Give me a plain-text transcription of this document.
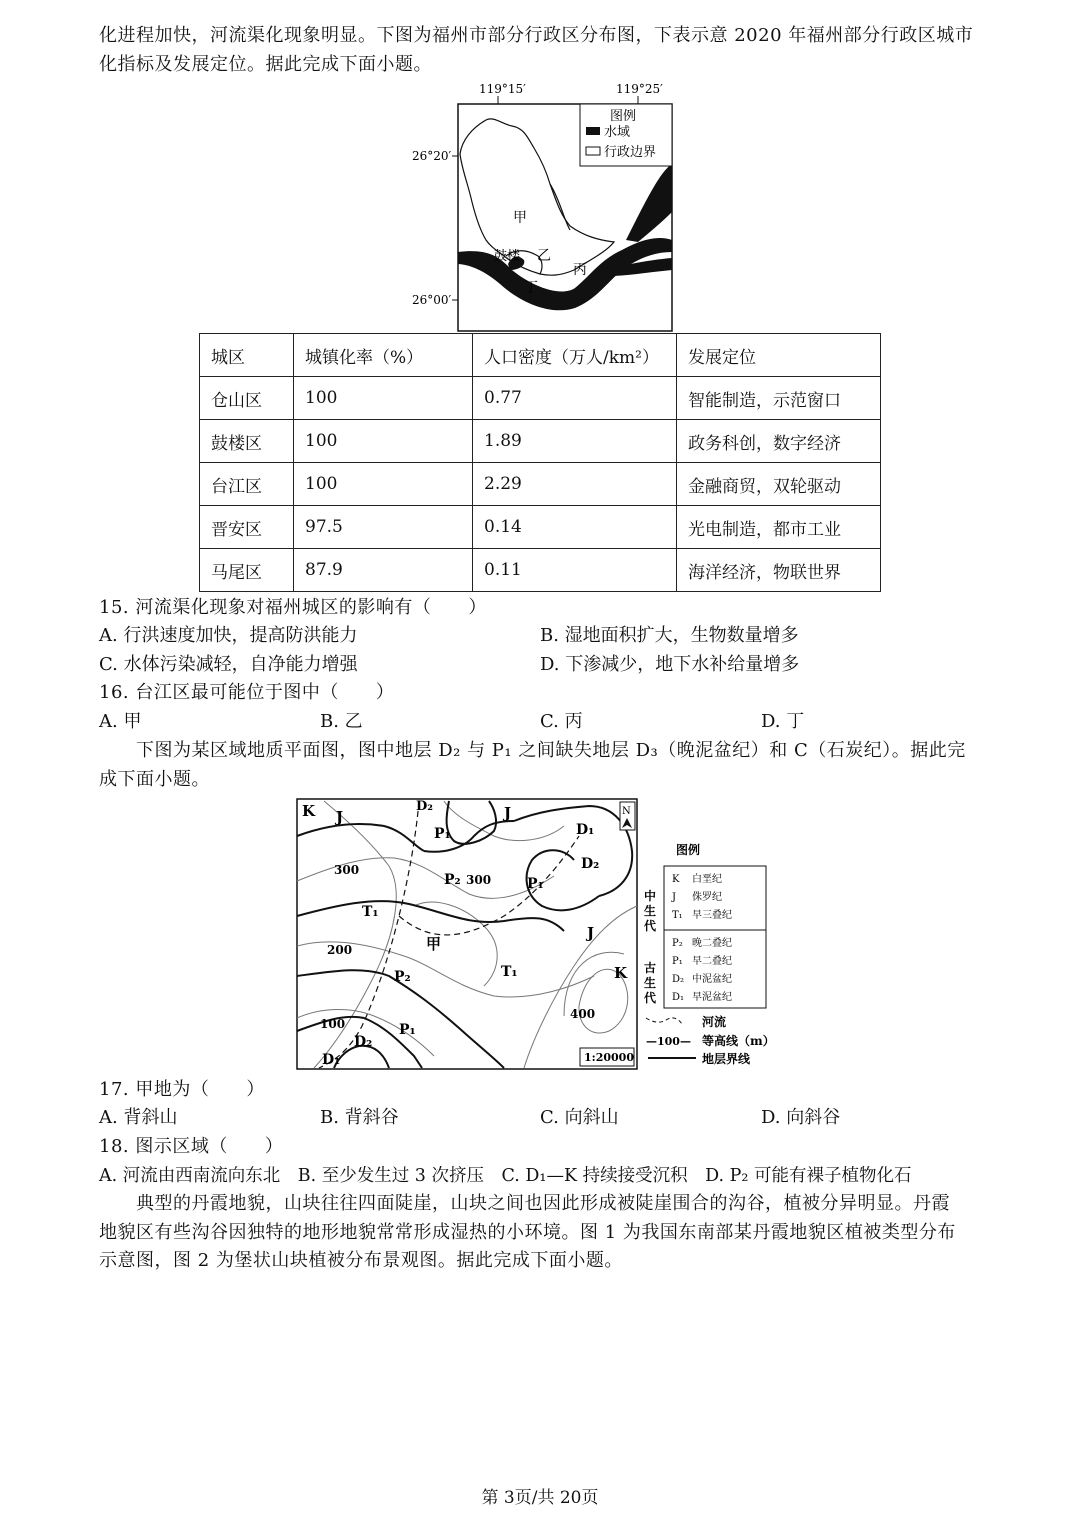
化进程加快，河流渠化现象明显。下图为福州市部分行政区分布图，下表示意 2020 年福州部分行政区城市
化指标及发展定位。据此完成下面小题。
119°15′	119°25′
26°20′
26°00′
甲
乙
丙
丁
鼓楼
图例
水域
行政边界
城区	城镇化率（%）	人口密度（万人/km²）	发展定位
仓山区	100	0.77	智能制造，示范窗口
鼓楼区	100	1.89	政务科创，数字经济
台江区	100	2.29	金融商贸，双轮驱动
晋安区	97.5	0.14	光电制造，都市工业
马尾区	87.9	0.11	海洋经济，物联世界
15. 河流渠化现象对福州城区的影响有（　　）
A. 行洪速度加快，提高防洪能力	B. 湿地面积扩大，生物数量增多
C. 水体污染减轻，自净能力增强	D. 下渗减少，地下水补给量增多
16. 台江区最可能位于图中（　　）
A. 甲	B. 乙	C. 丙	D. 丁
下图为某区域地质平面图，图中地层 D₂ 与 P₁ 之间缺失地层 D₃（晚泥盆纪）和 C（石炭纪）。据此完
成下面小题。
K J
D₂
P₁
J
D₁
D₂
P₂	P₁
T₁
甲
J
K
P₂	T₁
P₁
D₂
D₁
300
300
200
100
400
N
1:20000
图例
中生代
古生代
K 白垩纪
J 侏罗纪
T₁ 早三叠纪
P₂ 晚二叠纪
P₁ 早二叠纪
D₂ 中泥盆纪
D₁ 早泥盆纪
河流
—100— 等高线（m）
地层界线
17. 甲地为（　　）
A. 背斜山	B. 背斜谷	C. 向斜山	D. 向斜谷
18. 图示区域（　　）
A. 河流由西南流向东北　B. 至少发生过 3 次挤压　C. D₁—K 持续接受沉积　D. P₂ 可能有裸子植物化石
典型的丹霞地貌，山块往往四面陡崖，山块之间也因此形成被陡崖围合的沟谷，植被分异明显。丹霞
地貌区有些沟谷因独特的地形地貌常常形成湿热的小环境。图 1 为我国东南部某丹霞地貌区植被类型分布
示意图，图 2 为堡状山块植被分布景观图。据此完成下面小题。
第 3页/共 20页
